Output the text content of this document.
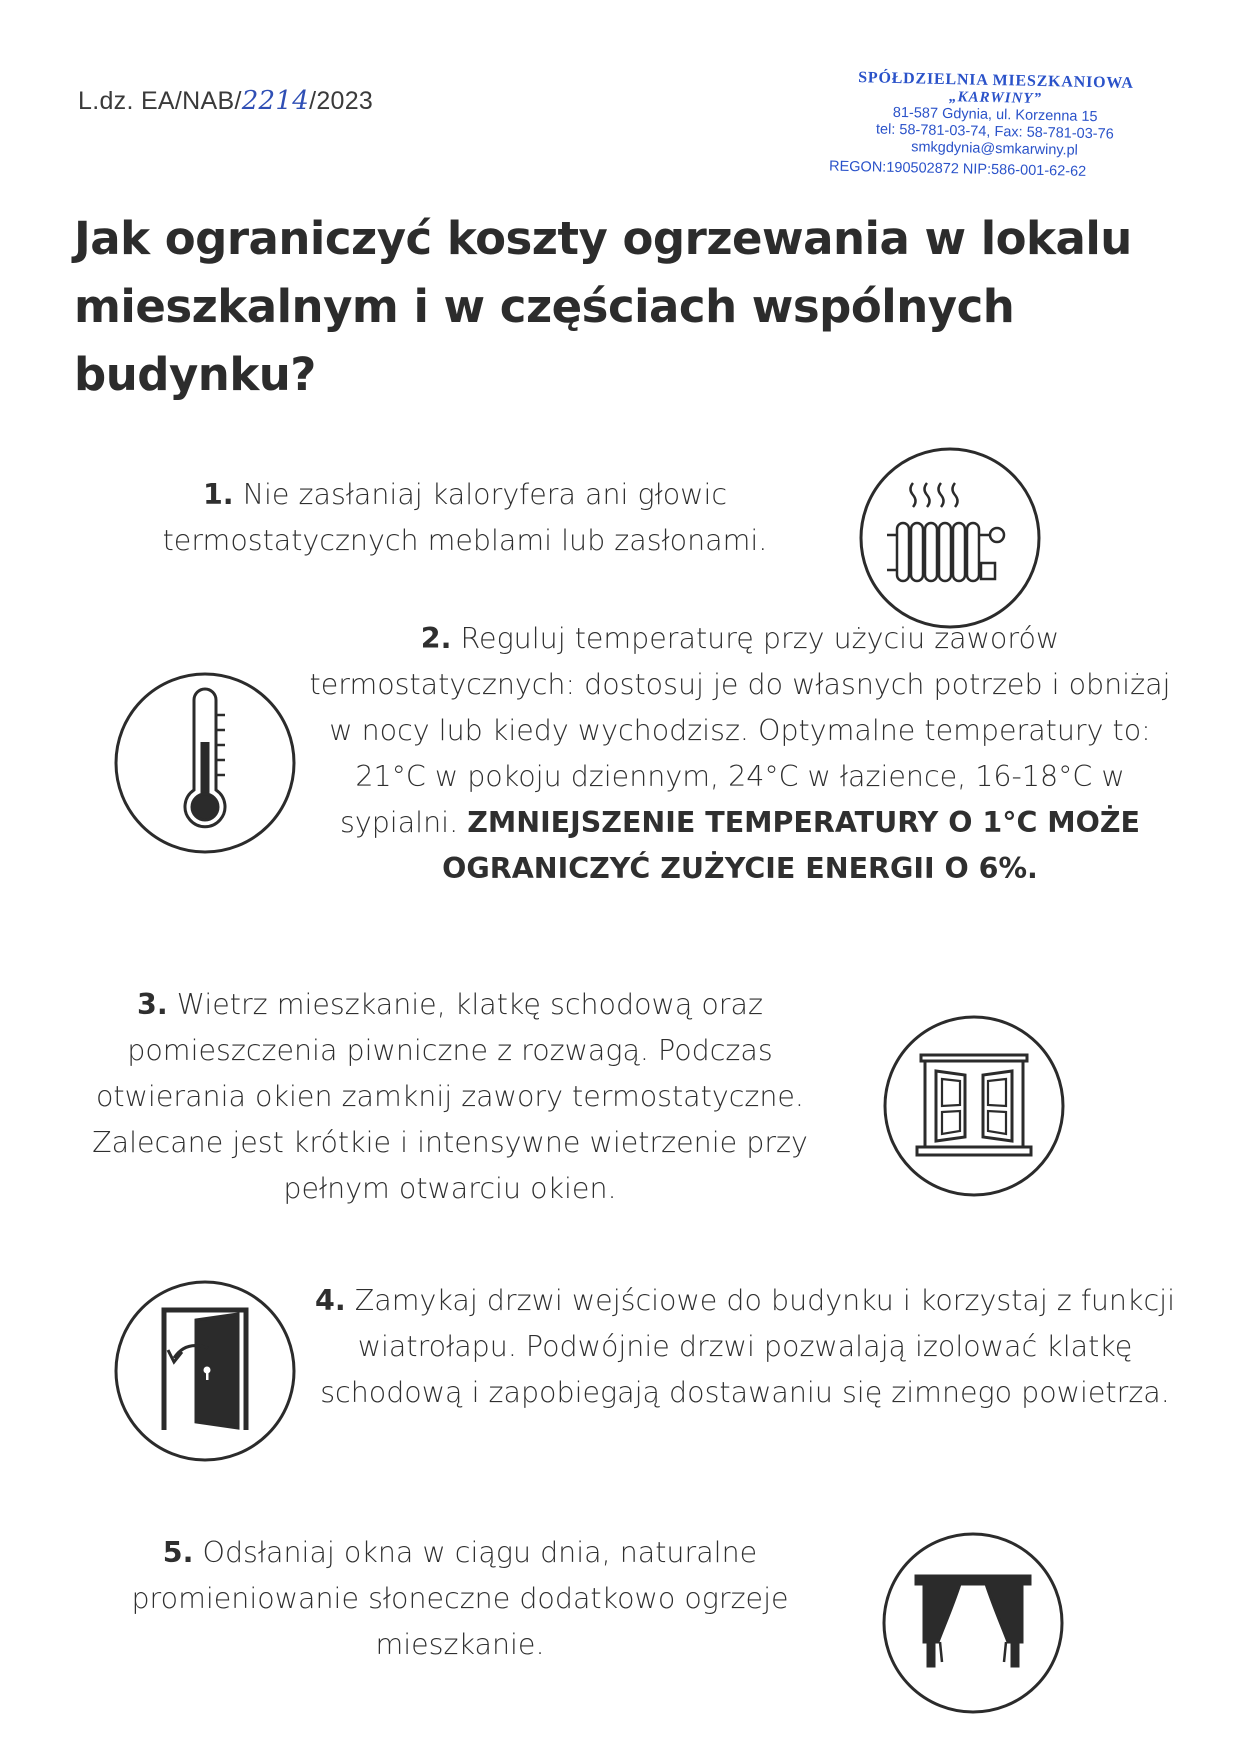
L.dz. EA/NAB/2214/2023
SPÓŁDZIELNIA MIESZKANIOWA
„KARWINY”
81-587 Gdynia, ul. Korzenna 15
tel: 58-781-03-74, Fax: 58-781-03-76
smkgdynia@smkarwiny.pl
REGON:190502872 NIP:586-001-62-62
Jak ograniczyć koszty ogrzewania w lokalu mieszkalnym i w częściach wspólnych budynku?

1. Nie zasłaniaj kaloryfera ani głowic termostatycznych meblami lub zasłonami.

2. Reguluj temperaturę przy użyciu zaworów termostatycznych: dostosuj je do własnych potrzeb i obniżaj w nocy lub kiedy wychodzisz. Optymalne temperatury to: 21°C w pokoju dziennym, 24°C w łazience, 16-18°C w sypialni. ZMNIEJSZENIE TEMPERATURY O 1°C MOŻE OGRANICZYĆ ZUŻYCIE ENERGII O 6%.

3. Wietrz mieszkanie, klatkę schodową oraz pomieszczenia piwniczne z rozwagą. Podczas otwierania okien zamknij zawory termostatyczne. Zalecane jest krótkie i intensywne wietrzenie przy pełnym otwarciu okien.

4. Zamykaj drzwi wejściowe do budynku i korzystaj z funkcji wiatrołapu. Podwójnie drzwi pozwalają izolować klatkę schodową i zapobiegają dostawaniu się zimnego powietrza.

5. Odsłaniaj okna w ciągu dnia, naturalne promieniowanie słoneczne dodatkowo ogrzeje mieszkanie.
